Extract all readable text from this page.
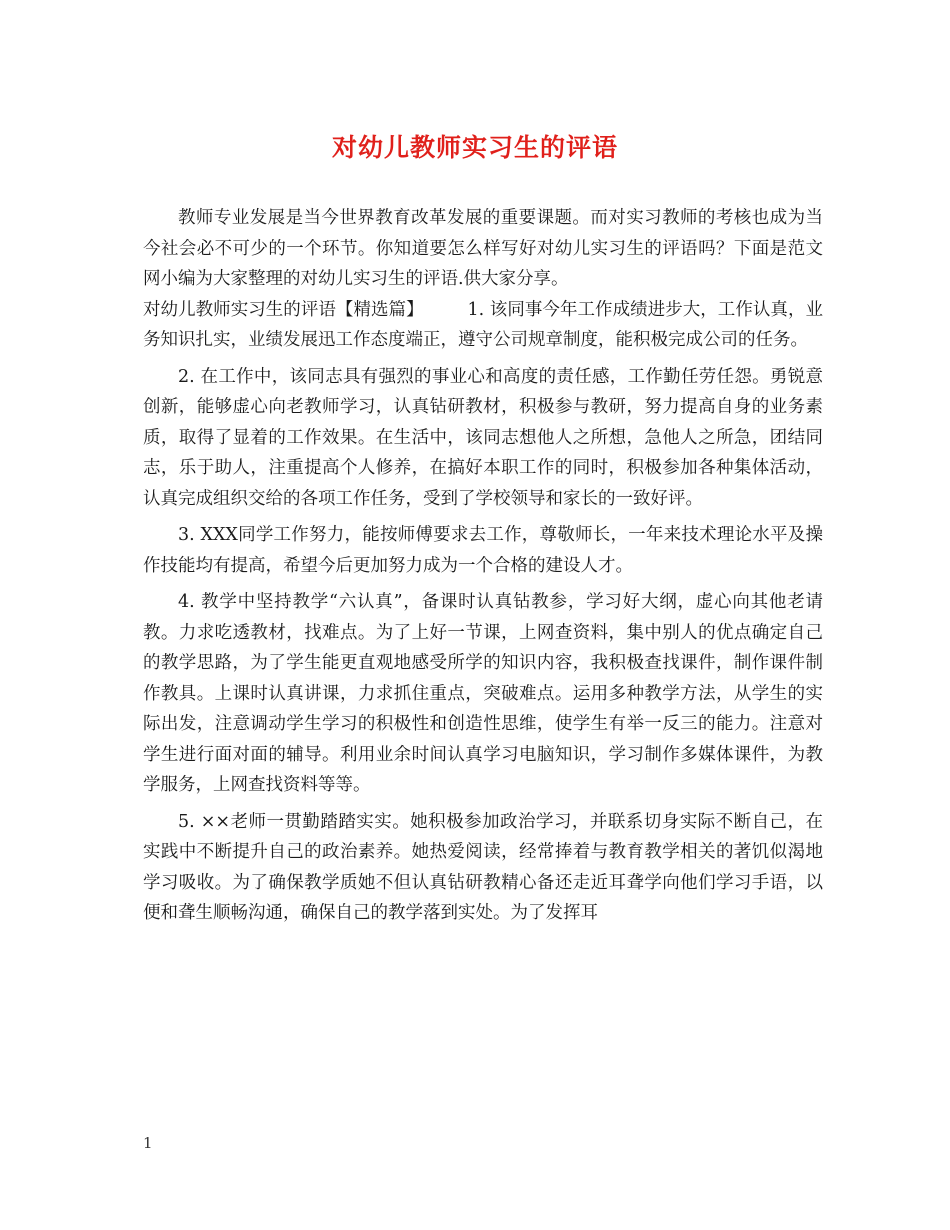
对幼儿教师实习生的评语

教师专业发展是当今世界教育改革发展的重要课题。而对实习教师的考核也成为当今社会必不可少的一个环节。你知道要怎么样写好对幼儿实习生的评语吗？下面是范文网小编为大家整理的对幼儿实习生的评语.供大家分享。

对幼儿教师实习生的评语【精选篇】　　　	1. 该同事今年工作成绩进步大，工作认真，业务知识扎实，业绩发展迅工作态度端正，遵守公司规章制度，能积极完成公司的任务。

2. 在工作中，该同志具有强烈的事业心和高度的责任感，工作勤任劳任怨。勇锐意创新，能够虚心向老教师学习，认真钻研教材，积极参与教研，努力提高自身的业务素质，取得了显着的工作效果。在生活中，该同志想他人之所想，急他人之所急，团结同志，乐于助人，注重提高个人修养，在搞好本职工作的同时，积极参加各种集体活动，认真完成组织交给的各项工作任务，受到了学校领导和家长的一致好评。

3. XXX同学工作努力，能按师傅要求去工作，尊敬师长，一年来技术理论水平及操作技能均有提高，希望今后更加努力成为一个合格的建设人才。

4. 教学中坚持教学“六认真”，备课时认真钻教参，学习好大纲，虚心向其他老请教。力求吃透教材，找难点。为了上好一节课，上网查资料，集中别人的优点确定自己的教学思路，为了学生能更直观地感受所学的知识内容，我积极查找课件，制作课件制作教具。上课时认真讲课，力求抓住重点，突破难点。运用多种教学方法，从学生的实际出发，注意调动学生学习的积极性和创造性思维，使学生有举一反三的能力。注意对学生进行面对面的辅导。利用业余时间认真学习电脑知识，学习制作多媒体课件，为教学服务，上网查找资料等等。

5. ××老师一贯勤踏踏实实。她积极参加政治学习，并联系切身实际不断自己，在实践中不断提升自己的政治素养。她热爱阅读，经常捧着与教育教学相关的著饥似渴地学习吸收。为了确保教学质她不但认真钻研教精心备还走近耳聋学向他们学习手语，以便和聋生顺畅沟通，确保自己的教学落到实处。为了发挥耳

1
